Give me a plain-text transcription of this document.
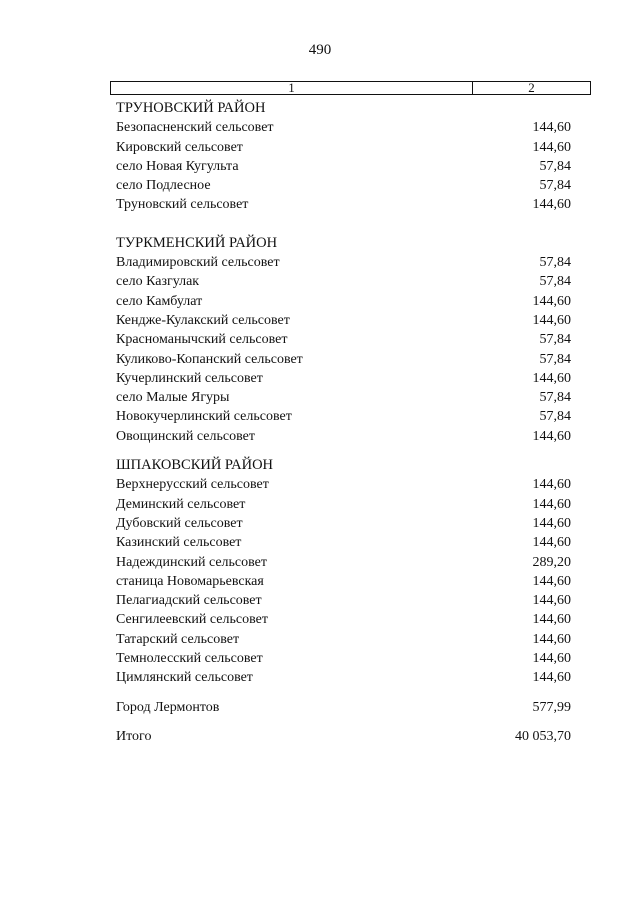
490
1	2
ТРУНОВСКИЙ РАЙОН
Безопасненский сельсовет	144,60
Кировский сельсовет	144,60
село Новая Кугульта	57,84
село Подлесное	57,84
Труновский сельсовет	144,60
ТУРКМЕНСКИЙ РАЙОН
Владимировский сельсовет	57,84
село Казгулак	57,84
село Камбулат	144,60
Кендже-Кулакский сельсовет	144,60
Красноманычский сельсовет	57,84
Куликово-Копанский сельсовет	57,84
Кучерлинский сельсовет	144,60
село Малые Ягуры	57,84
Новокучерлинский сельсовет	57,84
Овощинский сельсовет	144,60
ШПАКОВСКИЙ РАЙОН
Верхнерусский сельсовет	144,60
Деминский сельсовет	144,60
Дубовский сельсовет	144,60
Казинский сельсовет	144,60
Надеждинский сельсовет	289,20
станица Новомарьевская	144,60
Пелагиадский сельсовет	144,60
Сенгилеевский сельсовет	144,60
Татарский сельсовет	144,60
Темнолесский сельсовет	144,60
Цимлянский сельсовет	144,60
Город Лермонтов	577,99
Итого	40 053,70
